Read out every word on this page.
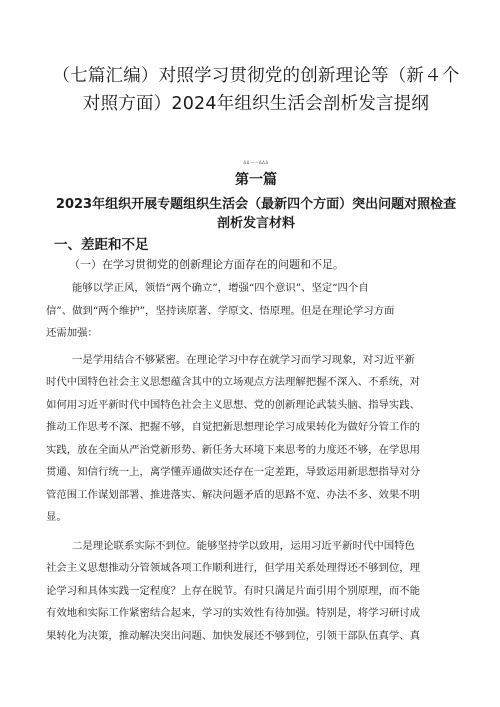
（七篇汇编）对照学习贯彻党的创新理论等（新４个
对照方面）2024年组织生活会剖析发言提纲
ΔΔ——ΔΔΔ
第一篇
2023年组织开展专题组织生活会（最新四个方面）突出问题对照检查
剖析发言材料
一、差距和不足
（一）在学习贯彻党的创新理论方面存在的问题和不足。

能够以学正风，领悟“两个确立”，增强“四个意识”、坚定“四个自
信”、做到“两个维护”，坚持读原著、学原文、悟原理。但是在理论学习方面
还需加强：

一是学用结合不够紧密。在理论学习中存在就学习而学习现象，对习近平新
时代中国特色社会主义思想蕴含其中的立场观点方法理解把握不深入、不系统，对
如何用习近平新时代中国特色社会主义思想、党的创新理论武装头脑、指导实践、
推动工作思考不深、把握不够，自觉把新思想理论学习成果转化为做好分管工作的
实践，放在全面从严治党新形势、新任务大环境下来思考的力度还不够，在学思用
贯通、知信行统一上，离学懂弄通做实还存在一定差距，导致运用新思想指导对分
管范围工作谋划部署、推进落实、解决问题矛盾的思路不宽、办法不多、效果不明
显。

二是理论联系实际不到位。能够坚持学以致用，运用习近平新时代中国特色
社会主义思想推动分管领域各项工作顺利进行，但学用关系处理得还不够到位，理
论学习和具体实践一定程度？上存在脱节。有时只满足片面引用个别原理，而不能
有效地和实际工作紧密结合起来，学习的实效性有待加强。特别是，将学习研讨成
果转化为决策，推动解决突出问题、加快发展还不够到位，引领干部队伍真学、真
